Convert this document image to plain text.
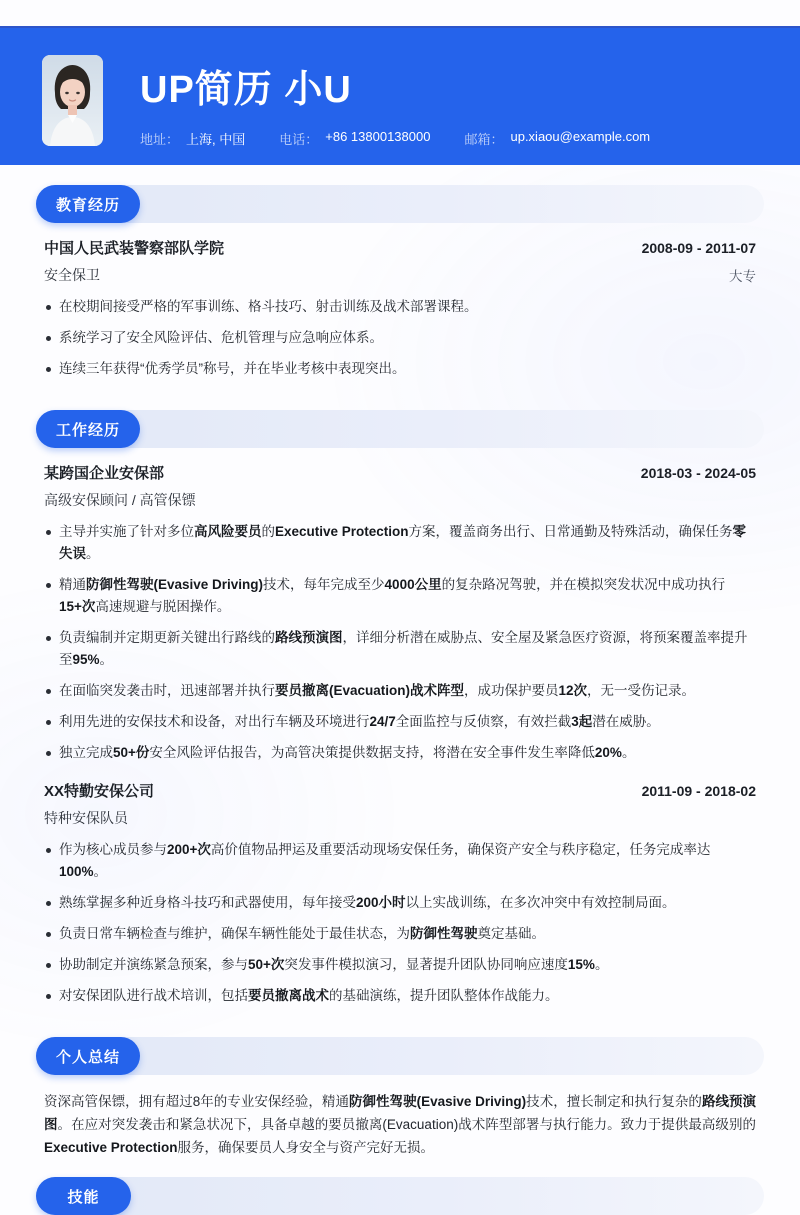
UP简历 小U
地址： 上海, 中国	电话： +86 13800138000	邮箱： up.xiaou@example.com
教育经历
中国人民武装警察部队学院	2008-09 - 2011-07
安全保卫	大专
在校期间接受严格的军事训练、格斗技巧、射击训练及战术部署课程。
系统学习了安全风险评估、危机管理与应急响应体系。
连续三年获得“优秀学员”称号，并在毕业考核中表现突出。
工作经历
某跨国企业安保部	2018-03 - 2024-05
高级安保顾问 / 高管保镖
主导并实施了针对多位高风险要员的Executive Protection方案，覆盖商务出行、日常通勤及特殊活动，确保任务零失误。
精通防御性驾驶(Evasive Driving)技术，每年完成至少4000公里的复杂路况驾驶，并在模拟突发状况中成功执行15+次高速规避与脱困操作。
负责编制并定期更新关键出行路线的路线预演图，详细分析潜在威胁点、安全屋及紧急医疗资源，将预案覆盖率提升至95%。
在面临突发袭击时，迅速部署并执行要员撤离(Evacuation)战术阵型，成功保护要员12次，无一受伤记录。
利用先进的安保技术和设备，对出行车辆及环境进行24/7全面监控与反侦察，有效拦截3起潜在威胁。
独立完成50+份安全风险评估报告，为高管决策提供数据支持，将潜在安全事件发生率降低20%。
XX特勤安保公司	2011-09 - 2018-02
特种安保队员
作为核心成员参与200+次高价值物品押运及重要活动现场安保任务，确保资产安全与秩序稳定，任务完成率达100%。
熟练掌握多种近身格斗技巧和武器使用，每年接受200小时以上实战训练，在多次冲突中有效控制局面。
负责日常车辆检查与维护，确保车辆性能处于最佳状态，为防御性驾驶奠定基础。
协助制定并演练紧急预案，参与50+次突发事件模拟演习，显著提升团队协同响应速度15%。
对安保团队进行战术培训，包括要员撤离战术的基础演练，提升团队整体作战能力。
个人总结
资深高管保镖，拥有超过8年的专业安保经验，精通防御性驾驶(Evasive Driving)技术，擅长制定和执行复杂的路线预演图。在应对突发袭击和紧急状况下，具备卓越的要员撤离(Evacuation)战术阵型部署与执行能力。致力于提供最高级别的Executive Protection服务，确保要员人身安全与资产完好无损。
技能
